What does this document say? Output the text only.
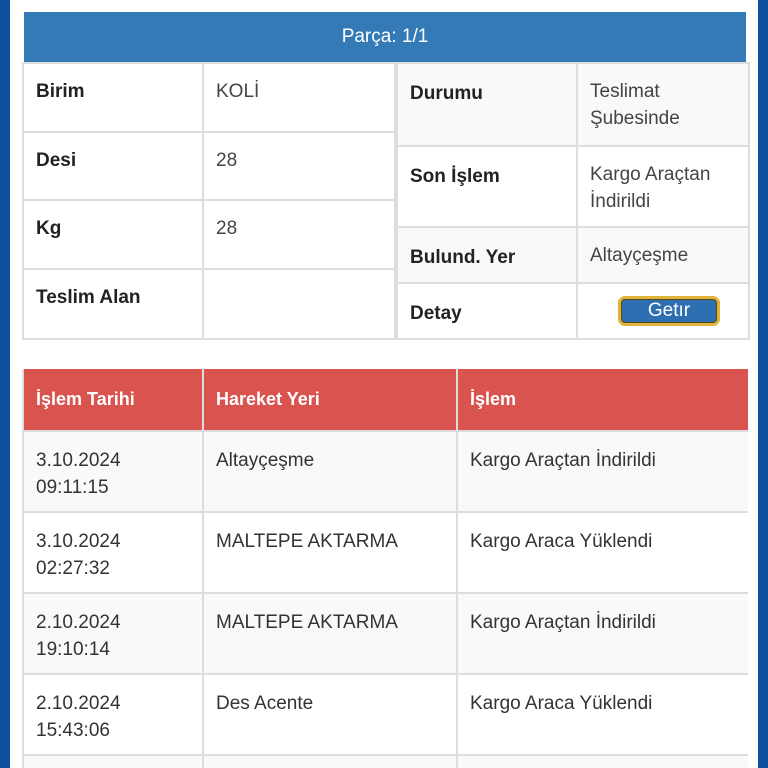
Parça: 1/1
Birim	KOLİ
Desi	28
Kg	28
Teslim Alan	
Durumu	Teslimat
Şubesinde

Son İşlem	Kargo Araçtan
İndirildi

Bulund. Yer	Altayçeşme

Detay	Getır
İşlem Tarihi	Hareket Yeri	İşlem

3.10.2024
09:11:15	Altayçeşme	Kargo Araçtan İndirildi

3.10.2024
02:27:32	MALTEPE AKTARMA	Kargo Araca Yüklendi

2.10.2024
19:10:14	MALTEPE AKTARMA	Kargo Araçtan İndirildi

2.10.2024
15:43:06	Des Acente	Kargo Araca Yüklendi
